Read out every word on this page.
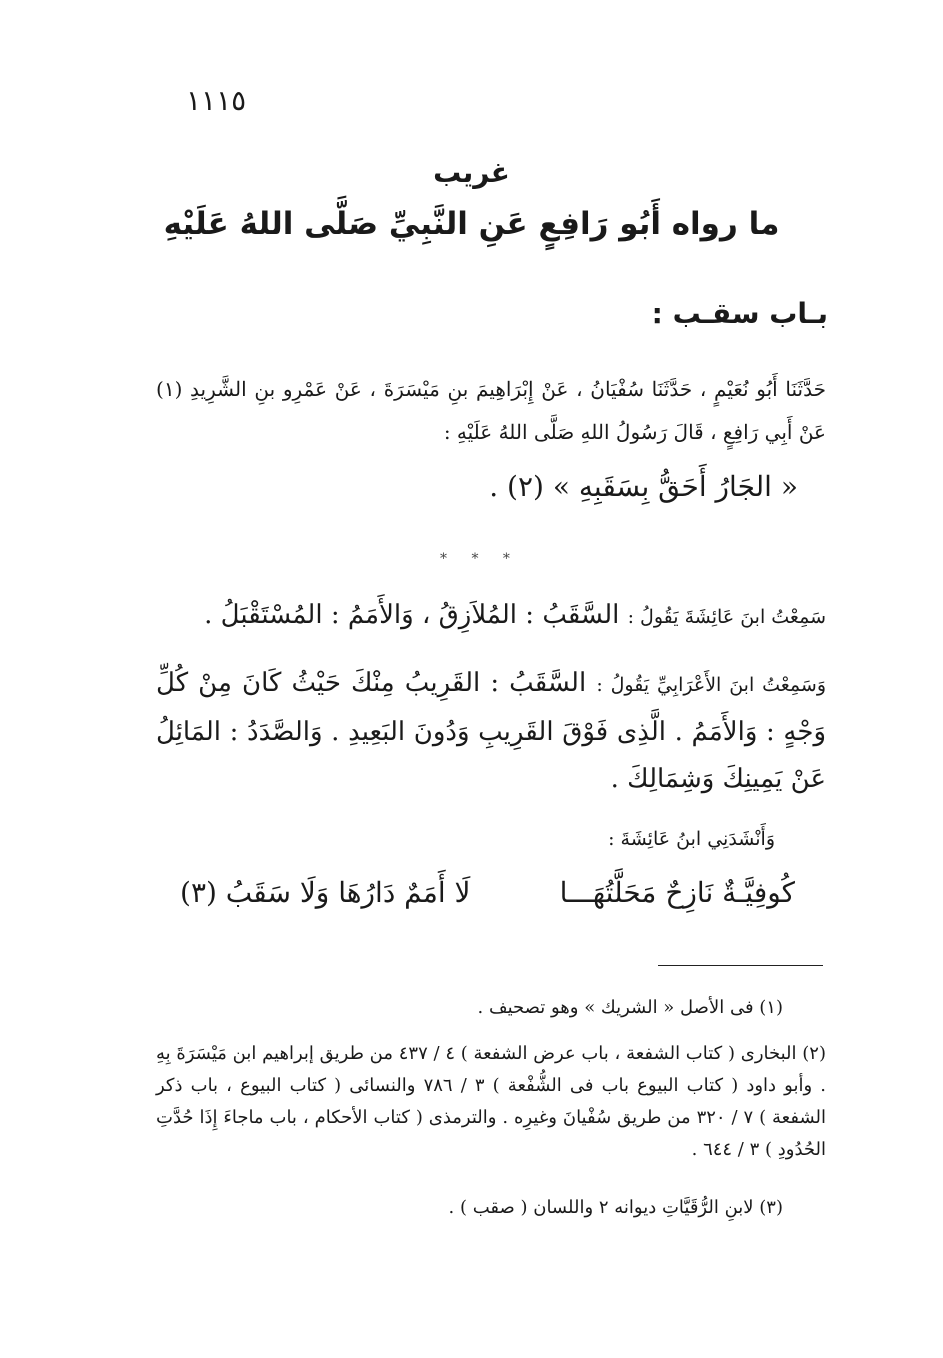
١١١٥
غريب
ما رواه أَبُو رَافِعٍ عَنِ النَّبِيِّ صَلَّى اللهُ عَلَيْهِ
بـاب سقـب :
حَدَّثَنَا أَبُو نُعَيْمٍ ، حَدَّثَنَا سُفْيَانُ ، عَنْ إِبْرَاهِيمَ بنِ مَيْسَرَةَ ، عَنْ عَمْرِو بنِ الشَّرِيدِ (١) عَنْ أَبِي رَافِعٍ ، قَالَ رَسُولُ اللهِ صَلَّى اللهُ عَلَيْهِ :
« الجَارُ أَحَقُّ بِسَقَبِهِ » (٢) .
* * *
سَمِعْتُ ابنَ عَائِشَةَ يَقُولُ : السَّقَبُ : المُلاَزِقُ ، وَالأَمَمُ : المُسْتَقْبَلُ .
وَسَمِعْتُ ابنَ الأَعْرَابِيِّ يَقُولُ : السَّقَبُ : القَرِيبُ مِنْكَ حَيْثُ كَانَ مِنْ كُلِّ وَجْهٍ : وَالأَمَمُ . الَّذِى فَوْقَ القَرِيبِ وَدُونَ البَعِيدِ . وَالصَّدَدُ : المَائِلُ عَنْ يَمِينِكَ وَشِمَالِكَ .
وَأَنْشَدَنِي ابنُ عَائِشَةَ :
كُوفِيَّـةٌ نَازِحٌ مَحَلَّتُهَـــا
لَا أَمَمٌ دَارُهَا وَلَا سَقَبُ (٣)
(١) فى الأصل « الشريك » وهو تصحيف .
(٢) البخارى ( كتاب الشفعة ، باب عرض الشفعة ) ٤ / ٤٣٧ من طريق إبراهيم ابن مَيْسَرَةَ بِهِ . وأبو داود ( كتاب البيوع باب فى الشُّفْعة ) ٣ / ٧٨٦ والنسائى ( كتاب البيوع ، باب ذكر الشفعة ) ٧ / ٣٢٠ من طريق سُفْيانَ وغيرِه . والترمذى ( كتاب الأحكام ، باب ماجاءَ إِذَا حُدَّتِ الحُدُودِ ) ٣ / ٦٤٤ .
(٣) لابنِ الرُّقَيَّاتِ ديوانه ٢ واللسان ( صقب ) .
